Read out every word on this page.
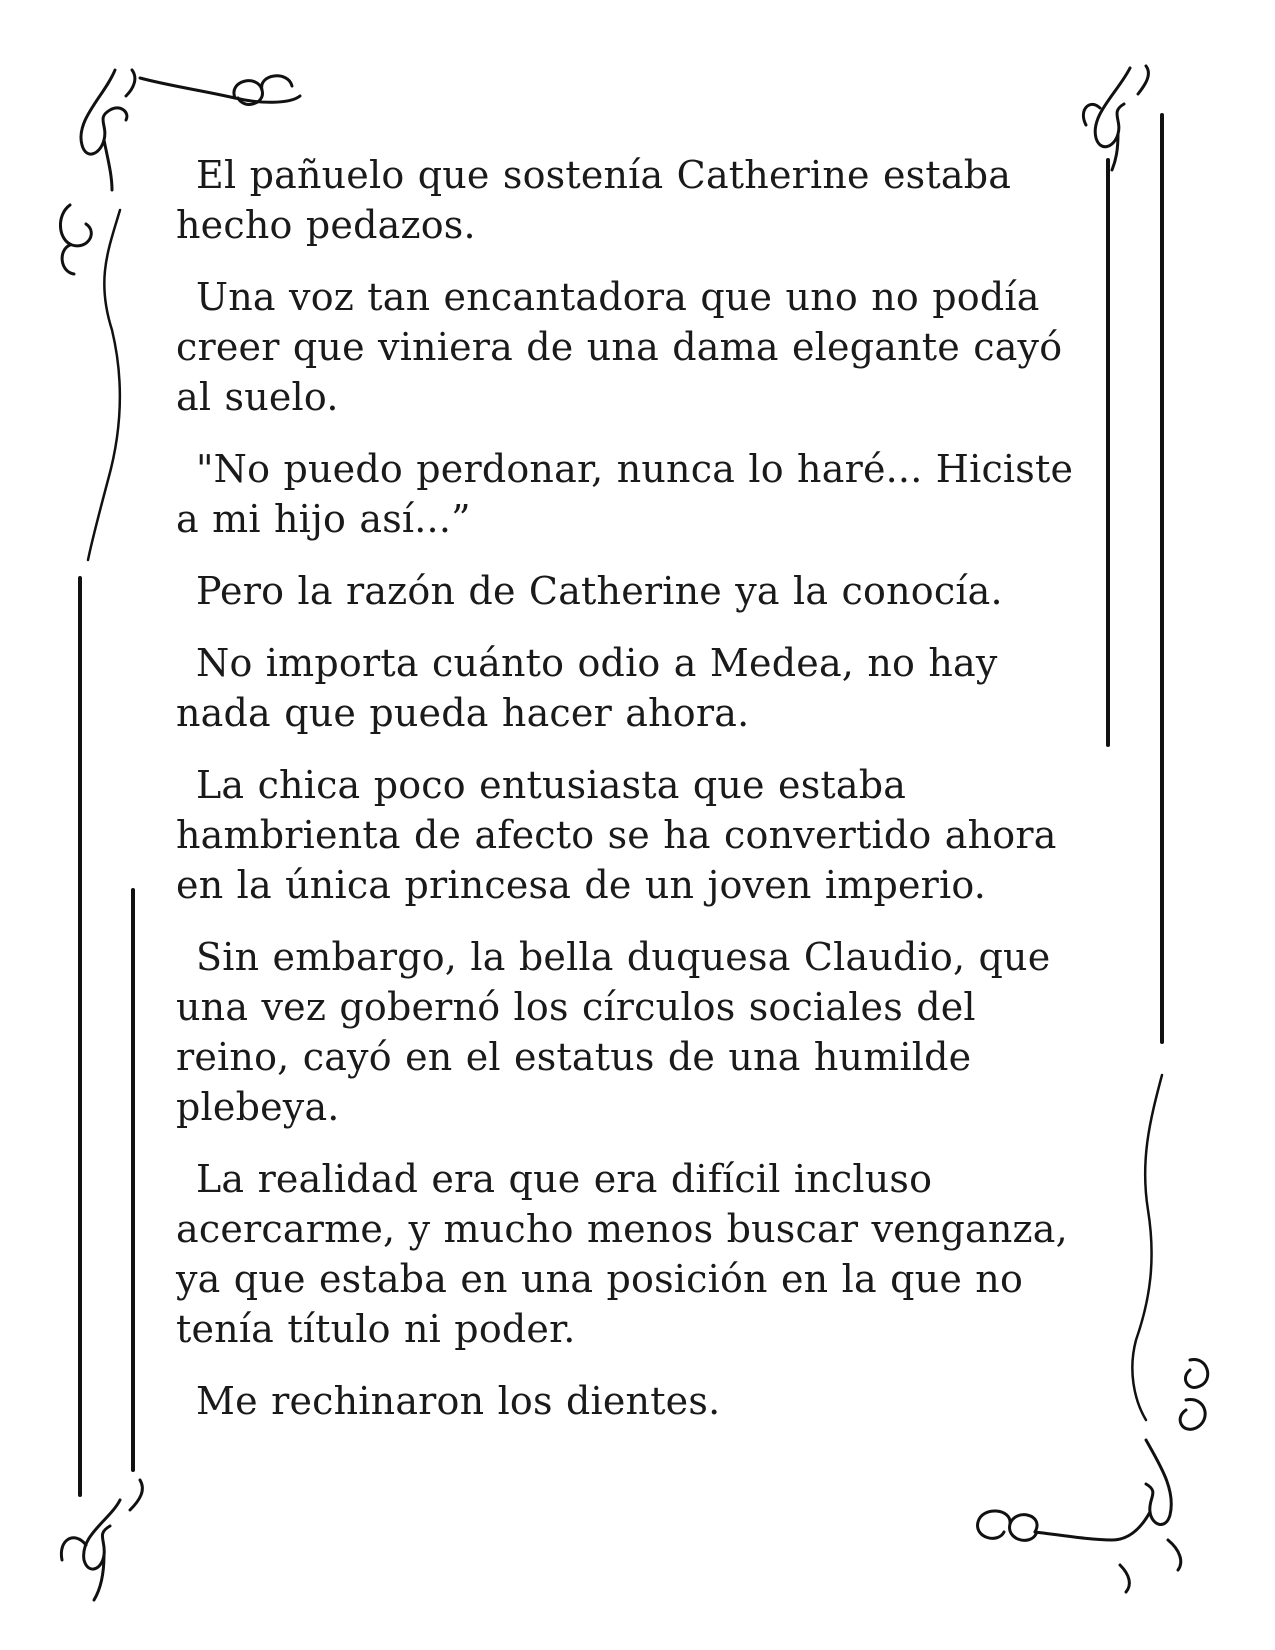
El pañuelo que sostenía Catherine estaba hecho pedazos.

Una voz tan encantadora que uno no podía creer que viniera de una dama elegante cayó al suelo.

"No puedo perdonar, nunca lo haré... Hiciste a mi hijo así...”

Pero la razón de Catherine ya la conocía.

No importa cuánto odio a Medea, no hay nada que pueda hacer ahora.

La chica poco entusiasta que estaba hambrienta de afecto se ha convertido ahora en la única princesa de un joven imperio.

Sin embargo, la bella duquesa Claudio, que una vez gobernó los círculos sociales del reino, cayó en el estatus de una humilde plebeya.

La realidad era que era difícil incluso acercarme, y mucho menos buscar venganza, ya que estaba en una posición en la que no tenía título ni poder.

Me rechinaron los dientes.
